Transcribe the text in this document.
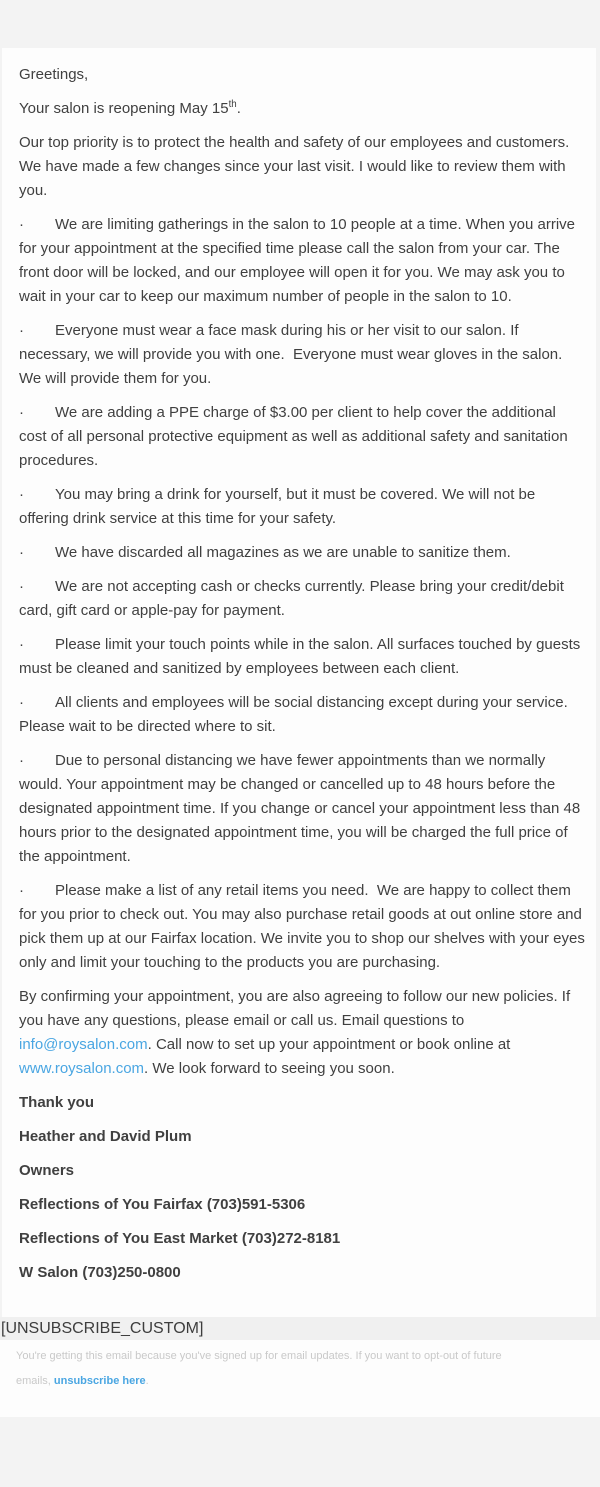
Greetings,

Your salon is reopening May 15th.

Our top priority is to protect the health and safety of our employees and customers. We have made a few changes since your last visit. I would like to review them with you.

· We are limiting gatherings in the salon to 10 people at a time. When you arrive for your appointment at the specified time please call the salon from your car. The front door will be locked, and our employee will open it for you. We may ask you to wait in your car to keep our maximum number of people in the salon to 10.

· Everyone must wear a face mask during his or her visit to our salon. If necessary, we will provide you with one.  Everyone must wear gloves in the salon.  We will provide them for you.

· We are adding a PPE charge of $3.00 per client to help cover the additional cost of all personal protective equipment as well as additional safety and sanitation procedures.

· You may bring a drink for yourself, but it must be covered. We will not be offering drink service at this time for your safety.

· We have discarded all magazines as we are unable to sanitize them.

· We are not accepting cash or checks currently. Please bring your credit/debit card, gift card or apple-pay for payment.

· Please limit your touch points while in the salon. All surfaces touched by guests must be cleaned and sanitized by employees between each client.

· All clients and employees will be social distancing except during your service. Please wait to be directed where to sit.

· Due to personal distancing we have fewer appointments than we normally would. Your appointment may be changed or cancelled up to 48 hours before the designated appointment time. If you change or cancel your appointment less than 48 hours prior to the designated appointment time, you will be charged the full price of the appointment.

· Please make a list of any retail items you need.  We are happy to collect them for you prior to check out. You may also purchase retail goods at out online store and pick them up at our Fairfax location. We invite you to shop our shelves with your eyes only and limit your touching to the products you are purchasing.

By confirming your appointment, you are also agreeing to follow our new policies. If you have any questions, please email or call us. Email questions to info@roysalon.com. Call now to set up your appointment or book online at www.roysalon.com. We look forward to seeing you soon.

Thank you

Heather and David Plum

Owners

Reflections of You Fairfax (703)591-5306

Reflections of You East Market (703)272-8181

W Salon (703)250-0800

[UNSUBSCRIBE_CUSTOM]

You're getting this email because you've signed up for email updates. If you want to opt-out of future emails, unsubscribe here.
